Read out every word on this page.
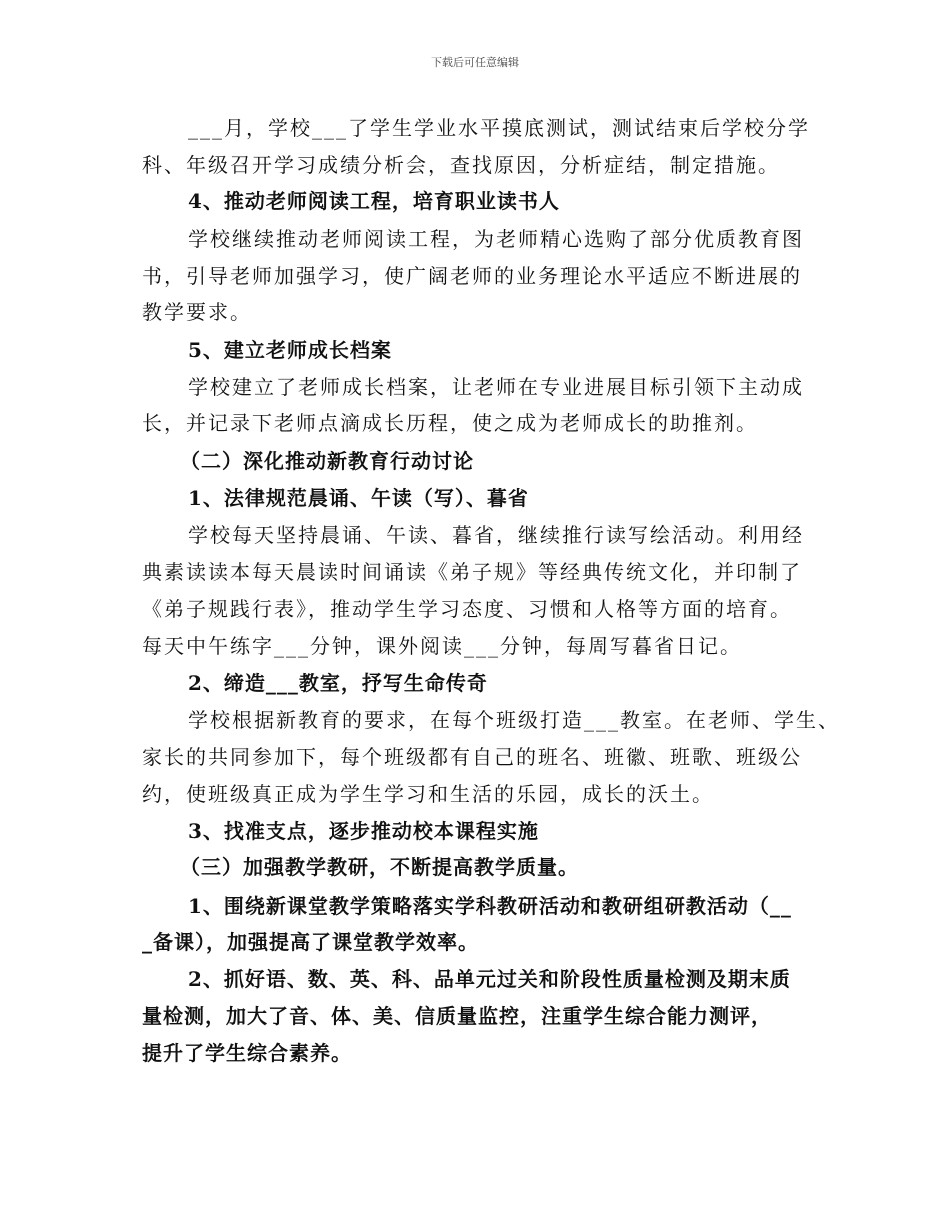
下载后可任意编辑
___月，学校___了学生学业水平摸底测试，测试结束后学校分学
科、年级召开学习成绩分析会，查找原因，分析症结，制定措施。
4、推动老师阅读工程，培育职业读书人
学校继续推动老师阅读工程，为老师精心选购了部分优质教育图
书，引导老师加强学习，使广阔老师的业务理论水平适应不断进展的
教学要求。
5、建立老师成长档案
学校建立了老师成长档案，让老师在专业进展目标引领下主动成
长，并记录下老师点滴成长历程，使之成为老师成长的助推剂。
（二）深化推动新教育行动讨论
1、法律规范晨诵、午读（写）、暮省
学校每天坚持晨诵、午读、暮省，继续推行读写绘活动。利用经
典素读读本每天晨读时间诵读《弟子规》等经典传统文化，并印制了
《弟子规践行表》，推动学生学习态度、习惯和人格等方面的培育。
每天中午练字___分钟，课外阅读___分钟，每周写暮省日记。
2、缔造___教室，抒写生命传奇
学校根据新教育的要求，在每个班级打造___教室。在老师、学生、
家长的共同参加下，每个班级都有自己的班名、班徽、班歌、班级公
约，使班级真正成为学生学习和生活的乐园，成长的沃土。
3、找准支点，逐步推动校本课程实施
（三）加强教学教研，不断提高教学质量。
1、围绕新课堂教学策略落实学科教研活动和教研组研教活动（__
_备课），加强提高了课堂教学效率。
2、抓好语、数、英、科、品单元过关和阶段性质量检测及期末质
量检测，加大了音、体、美、信质量监控，注重学生综合能力测评，
提升了学生综合素养。
